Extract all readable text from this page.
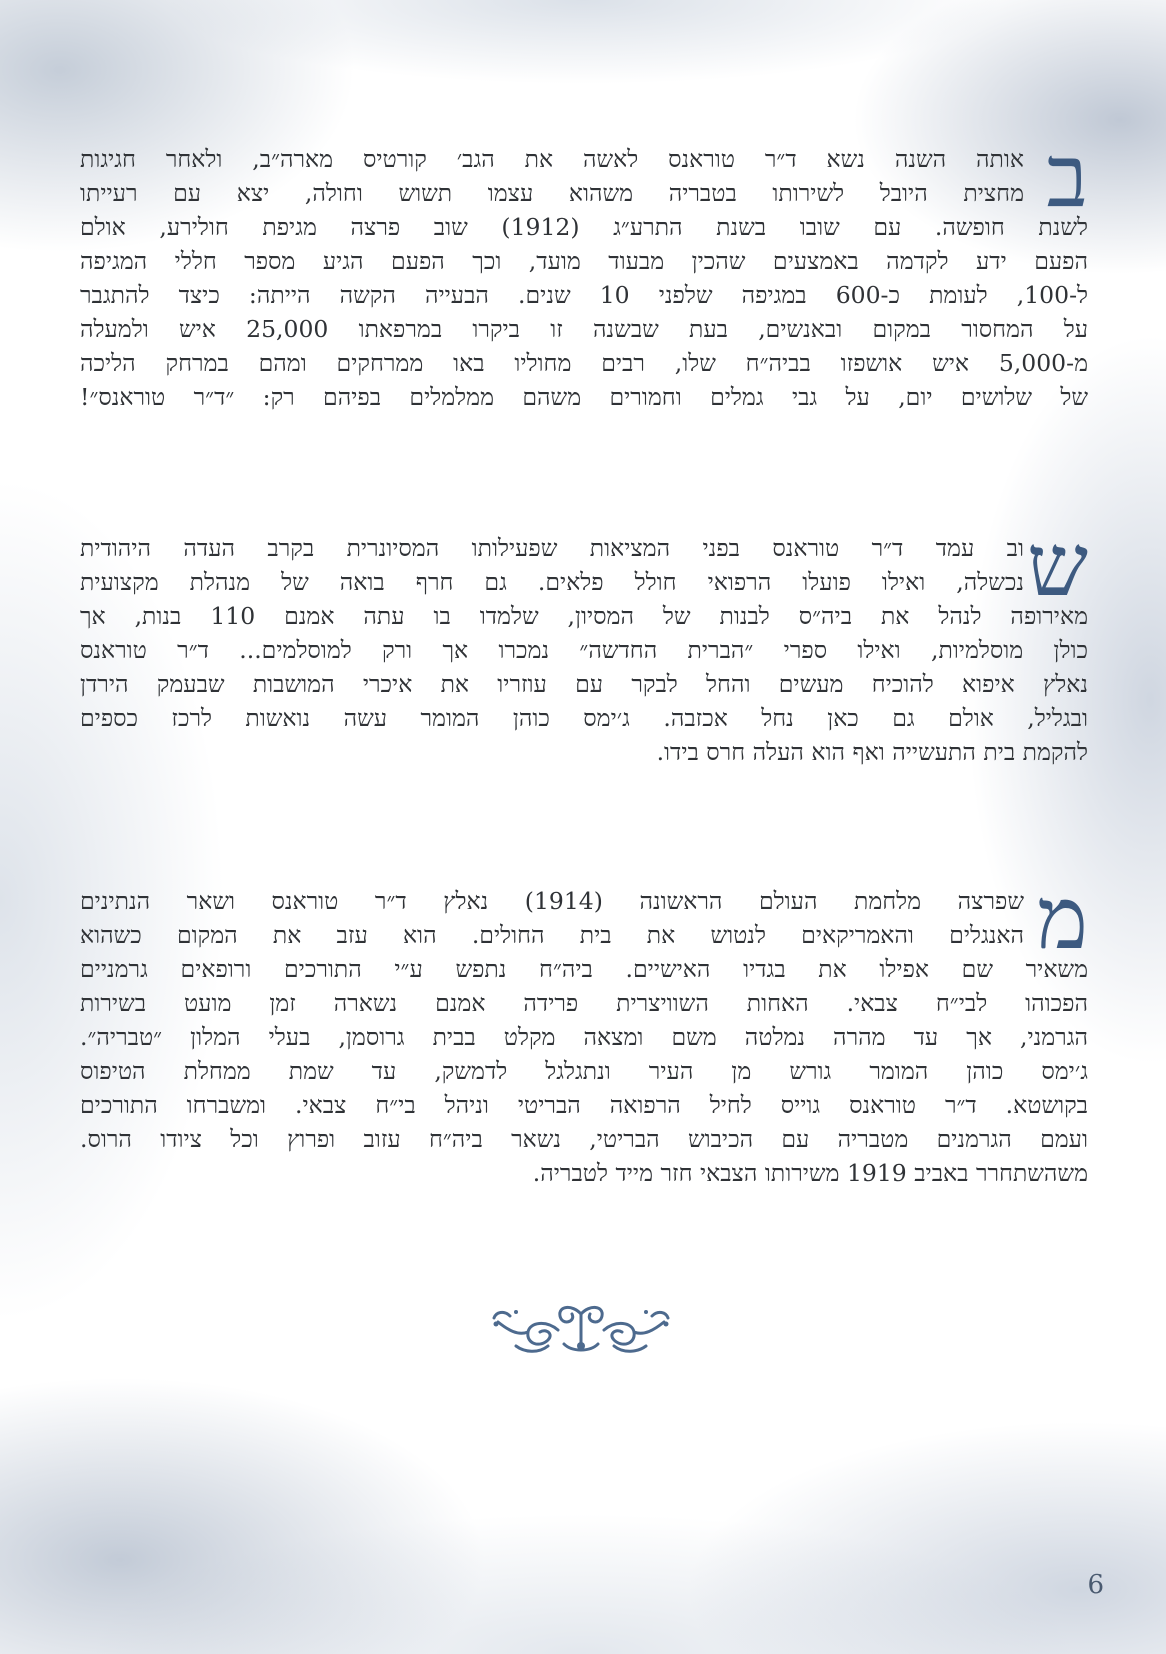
ב
אותה השנה נשא ד״ר טוראנס לאשה את הגב׳ קורטיס מארה״ב, ולאחר חגיגות
מחצית היובל לשירותו בטבריה משהוא עצמו תשוש וחולה, יצא עם רעייתו
לשנת חופשה. עם שובו בשנת התרע״ג (1912) שוב פרצה מגיפת חולירע, אולם
הפעם ידע לקדמה באמצעים שהכין מבעוד מועד, וכך הפעם הגיע מספר חללי המגיפה
ל-100, לעומת כ-600 במגיפה שלפני 10 שנים. הבעייה הקשה הייתה: כיצד להתגבר
על המחסור במקום ובאנשים, בעת שבשנה זו ביקרו במרפאתו 25,000 איש ולמעלה
מ-5,000 איש אושפזו בביה״ח שלו, רבים מחוליו באו ממרחקים ומהם במרחק הליכה
של שלושים יום, על גבי גמלים וחמורים משהם ממלמלים בפיהם רק: ״ד״ר טוראנס״!
ש
וב עמד ד״ר טוראנס בפני המציאות שפעילותו המסיונרית בקרב העדה היהודית
נכשלה, ואילו פועלו הרפואי חולל פלאים. גם חרף בואה של מנהלת מקצועית
מאירופה לנהל את ביה״ס לבנות של המסיון, שלמדו בו עתה אמנם 110 בנות, אך
כולן מוסלמיות, ואילו ספרי ״הברית החדשה״ נמכרו אך ורק למוסלמים... ד״ר טוראנס
נאלץ איפוא להוכיח מעשים והחל לבקר עם עוזריו את איכרי המושבות שבעמק הירדן
ובגליל, אולם גם כאן נחל אכזבה. ג׳ימס כוהן המומר עשה נואשות לרכז כספים
להקמת בית התעשייה ואף הוא העלה חרס בידו.
מ
שפרצה מלחמת העולם הראשונה (1914) נאלץ ד״ר טוראנס ושאר הנתינים
האנגלים והאמריקאים לנטוש את בית החולים. הוא עזב את המקום כשהוא
משאיר שם אפילו את בגדיו האישיים. ביה״ח נתפש ע״י התורכים ורופאים גרמניים
הפכוהו לבי״ח צבאי. האחות השוויצרית פרידה אמנם נשארה זמן מועט בשירות
הגרמני, אך עד מהרה נמלטה משם ומצאה מקלט בבית גרוסמן, בעלי המלון ״טבריה״.
ג׳ימס כוהן המומר גורש מן העיר ונתגלגל לדמשק, עד שמת ממחלת הטיפוס
בקושטא. ד״ר טוראנס גוייס לחיל הרפואה הבריטי וניהל בי״ח צבאי. ומשברחו התורכים
ועמם הגרמנים מטבריה עם הכיבוש הבריטי, נשאר ביה״ח עזוב ופרוץ וכל ציודו הרוס.
משהשתחרר באביב 1919 משירותו הצבאי חזר מייד לטבריה.
6
